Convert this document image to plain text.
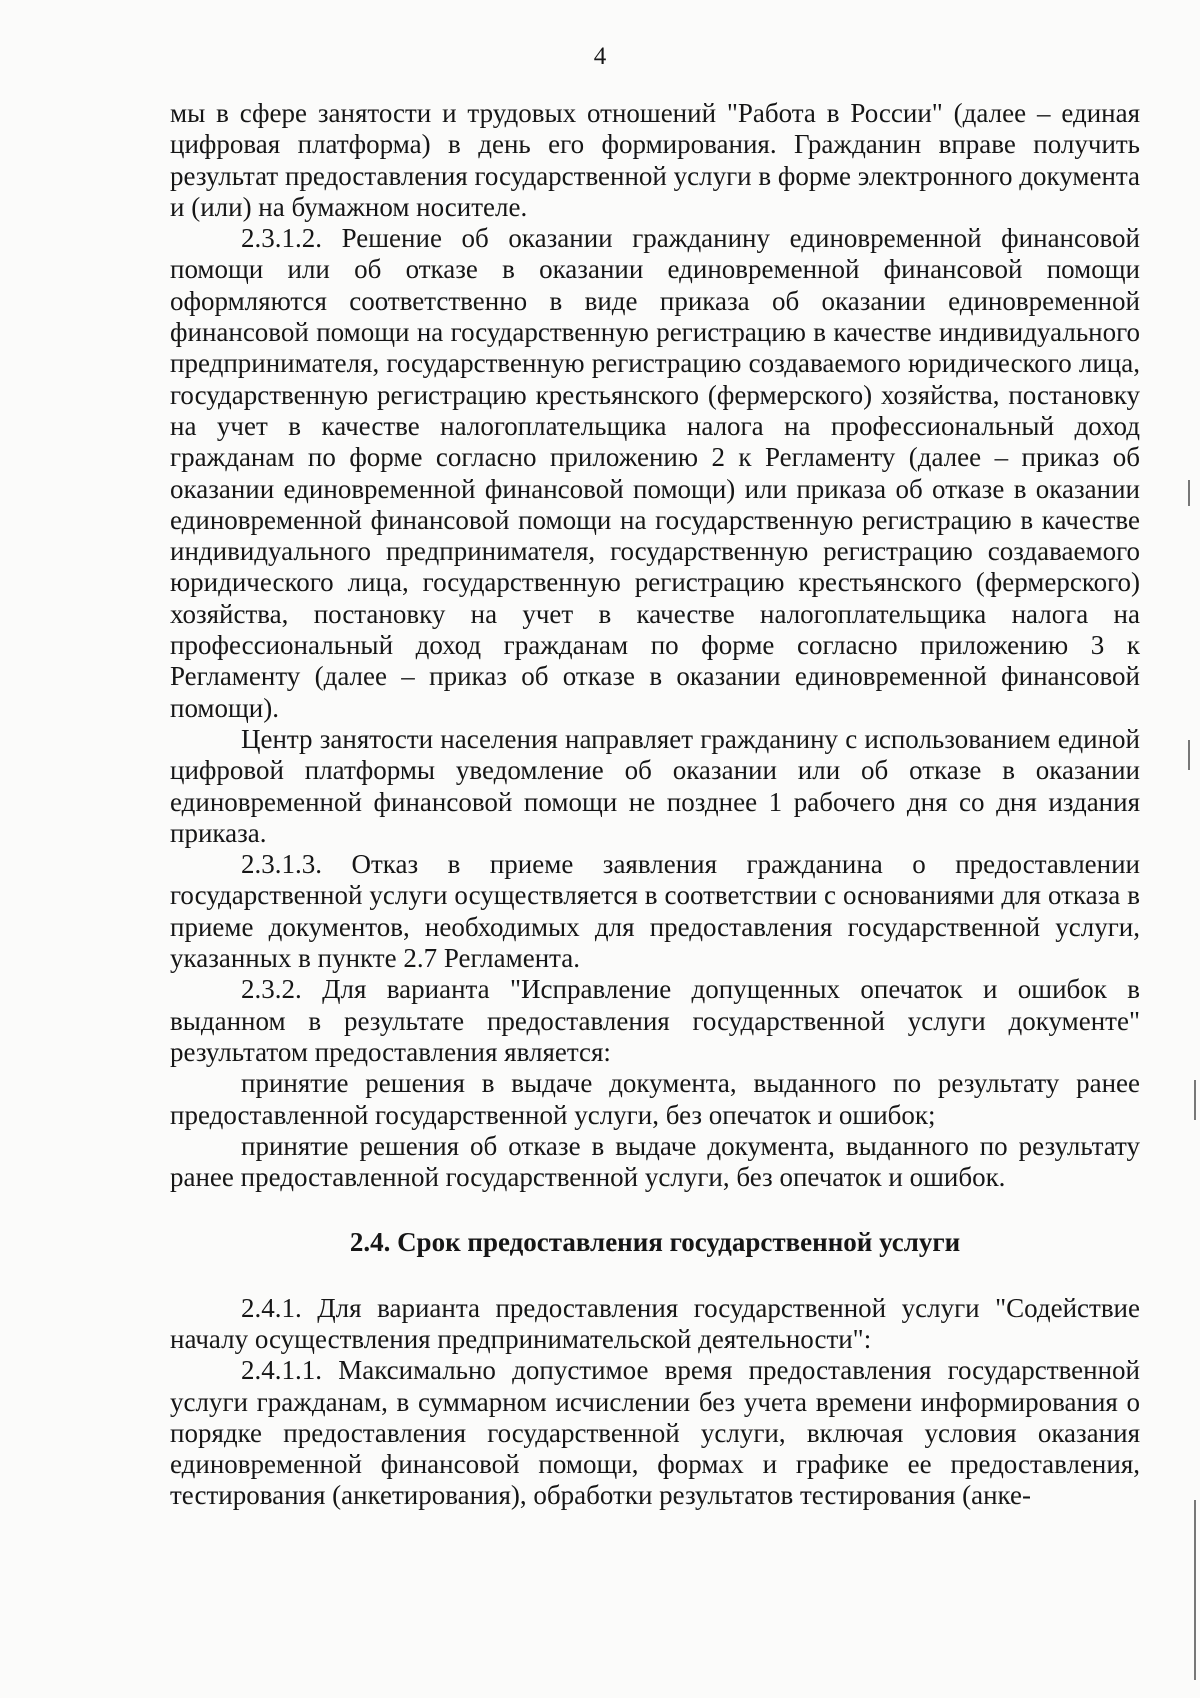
4

мы в сфере занятости и трудовых отношений "Работа в России" (далее – единая цифровая платформа) в день его формирования. Гражданин вправе получить результат предоставления государственной услуги в форме электронного документа и (или) на бумажном носителе.

2.3.1.2. Решение об оказании гражданину единовременной финансовой помощи или об отказе в оказании единовременной финансовой помощи оформляются соответственно в виде приказа об оказании единовременной финансовой помощи на государственную регистрацию в качестве индивидуального предпринимателя, государственную регистрацию создаваемого юридического лица, государственную регистрацию крестьянского (фермерского) хозяйства, постановку на учет в качестве налогоплательщика налога на профессиональный доход гражданам по форме согласно приложению 2 к Регламенту (далее – приказ об оказании единовременной финансовой помощи) или приказа об отказе в оказании единовременной финансовой помощи на государственную регистрацию в качестве индивидуального предпринимателя, государственную регистрацию создаваемого юридического лица, государственную регистрацию крестьянского (фермерского) хозяйства, постановку на учет в качестве налогоплательщика налога на профессиональный доход гражданам по форме согласно приложению 3 к Регламенту (далее – приказ об отказе в оказании единовременной финансовой помощи).

Центр занятости населения направляет гражданину с использованием единой цифровой платформы уведомление об оказании или об отказе в оказании единовременной финансовой помощи не позднее 1 рабочего дня со дня издания приказа.

2.3.1.3. Отказ в приеме заявления гражданина о предоставлении государственной услуги осуществляется в соответствии с основаниями для отказа в приеме документов, необходимых для предоставления государственной услуги, указанных в пункте 2.7 Регламента.

2.3.2. Для варианта "Исправление допущенных опечаток и ошибок в выданном в результате предоставления государственной услуги документе" результатом предоставления является:

принятие решения в выдаче документа, выданного по результату ранее предоставленной государственной услуги, без опечаток и ошибок;

принятие решения об отказе в выдаче документа, выданного по результату ранее предоставленной государственной услуги, без опечаток и ошибок.

2.4. Срок предоставления государственной услуги

2.4.1. Для варианта предоставления государственной услуги "Содействие началу осуществления предпринимательской деятельности":

2.4.1.1. Максимально допустимое время предоставления государственной услуги гражданам, в суммарном исчислении без учета времени информирования о порядке предоставления государственной услуги, включая условия оказания единовременной финансовой помощи, формах и графике ее предоставления, тестирования (анкетирования), обработки результатов тестирования (анке-
